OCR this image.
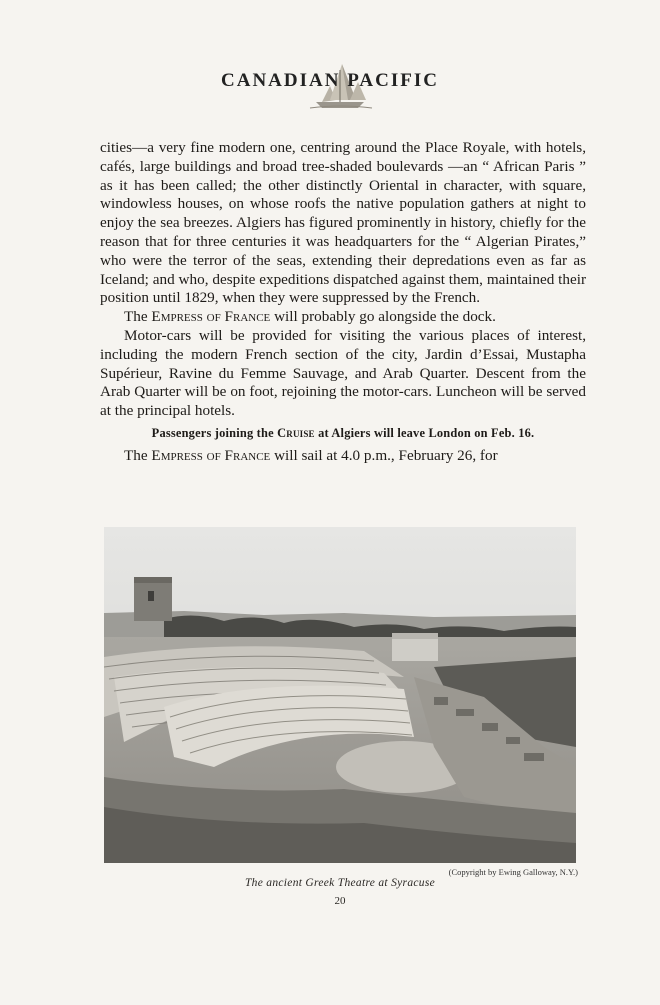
CANADIAN PACIFIC

cities—a very fine modern one, centring around the Place Royale, with hotels, cafés, large buildings and broad tree-shaded boulevards —an “ African Paris ” as it has been called; the other distinctly Oriental in character, with square, windowless houses, on whose roofs the native population gathers at night to enjoy the sea breezes. Algiers has figured prominently in history, chiefly for the reason that for three centuries it was headquarters for the “ Algerian Pirates,” who were the terror of the seas, extending their depredations even as far as Iceland; and who, despite expeditions dispatched against them, maintained their position until 1829, when they were suppressed by the French.

The Empress of France will probably go alongside the dock.

Motor-cars will be provided for visiting the various places of interest, including the modern French section of the city, Jardin d’Essai, Mustapha Supérieur, Ravine du Femme Sauvage, and Arab Quarter. Descent from the Arab Quarter will be on foot, rejoining the motor-cars. Luncheon will be served at the principal hotels.

Passengers joining the Cruise at Algiers will leave London on Feb. 16.

The Empress of France will sail at 4.0 p.m., February 26, for

(Copyright by Ewing Galloway, N.Y.)
The ancient Greek Theatre at Syracuse
20
